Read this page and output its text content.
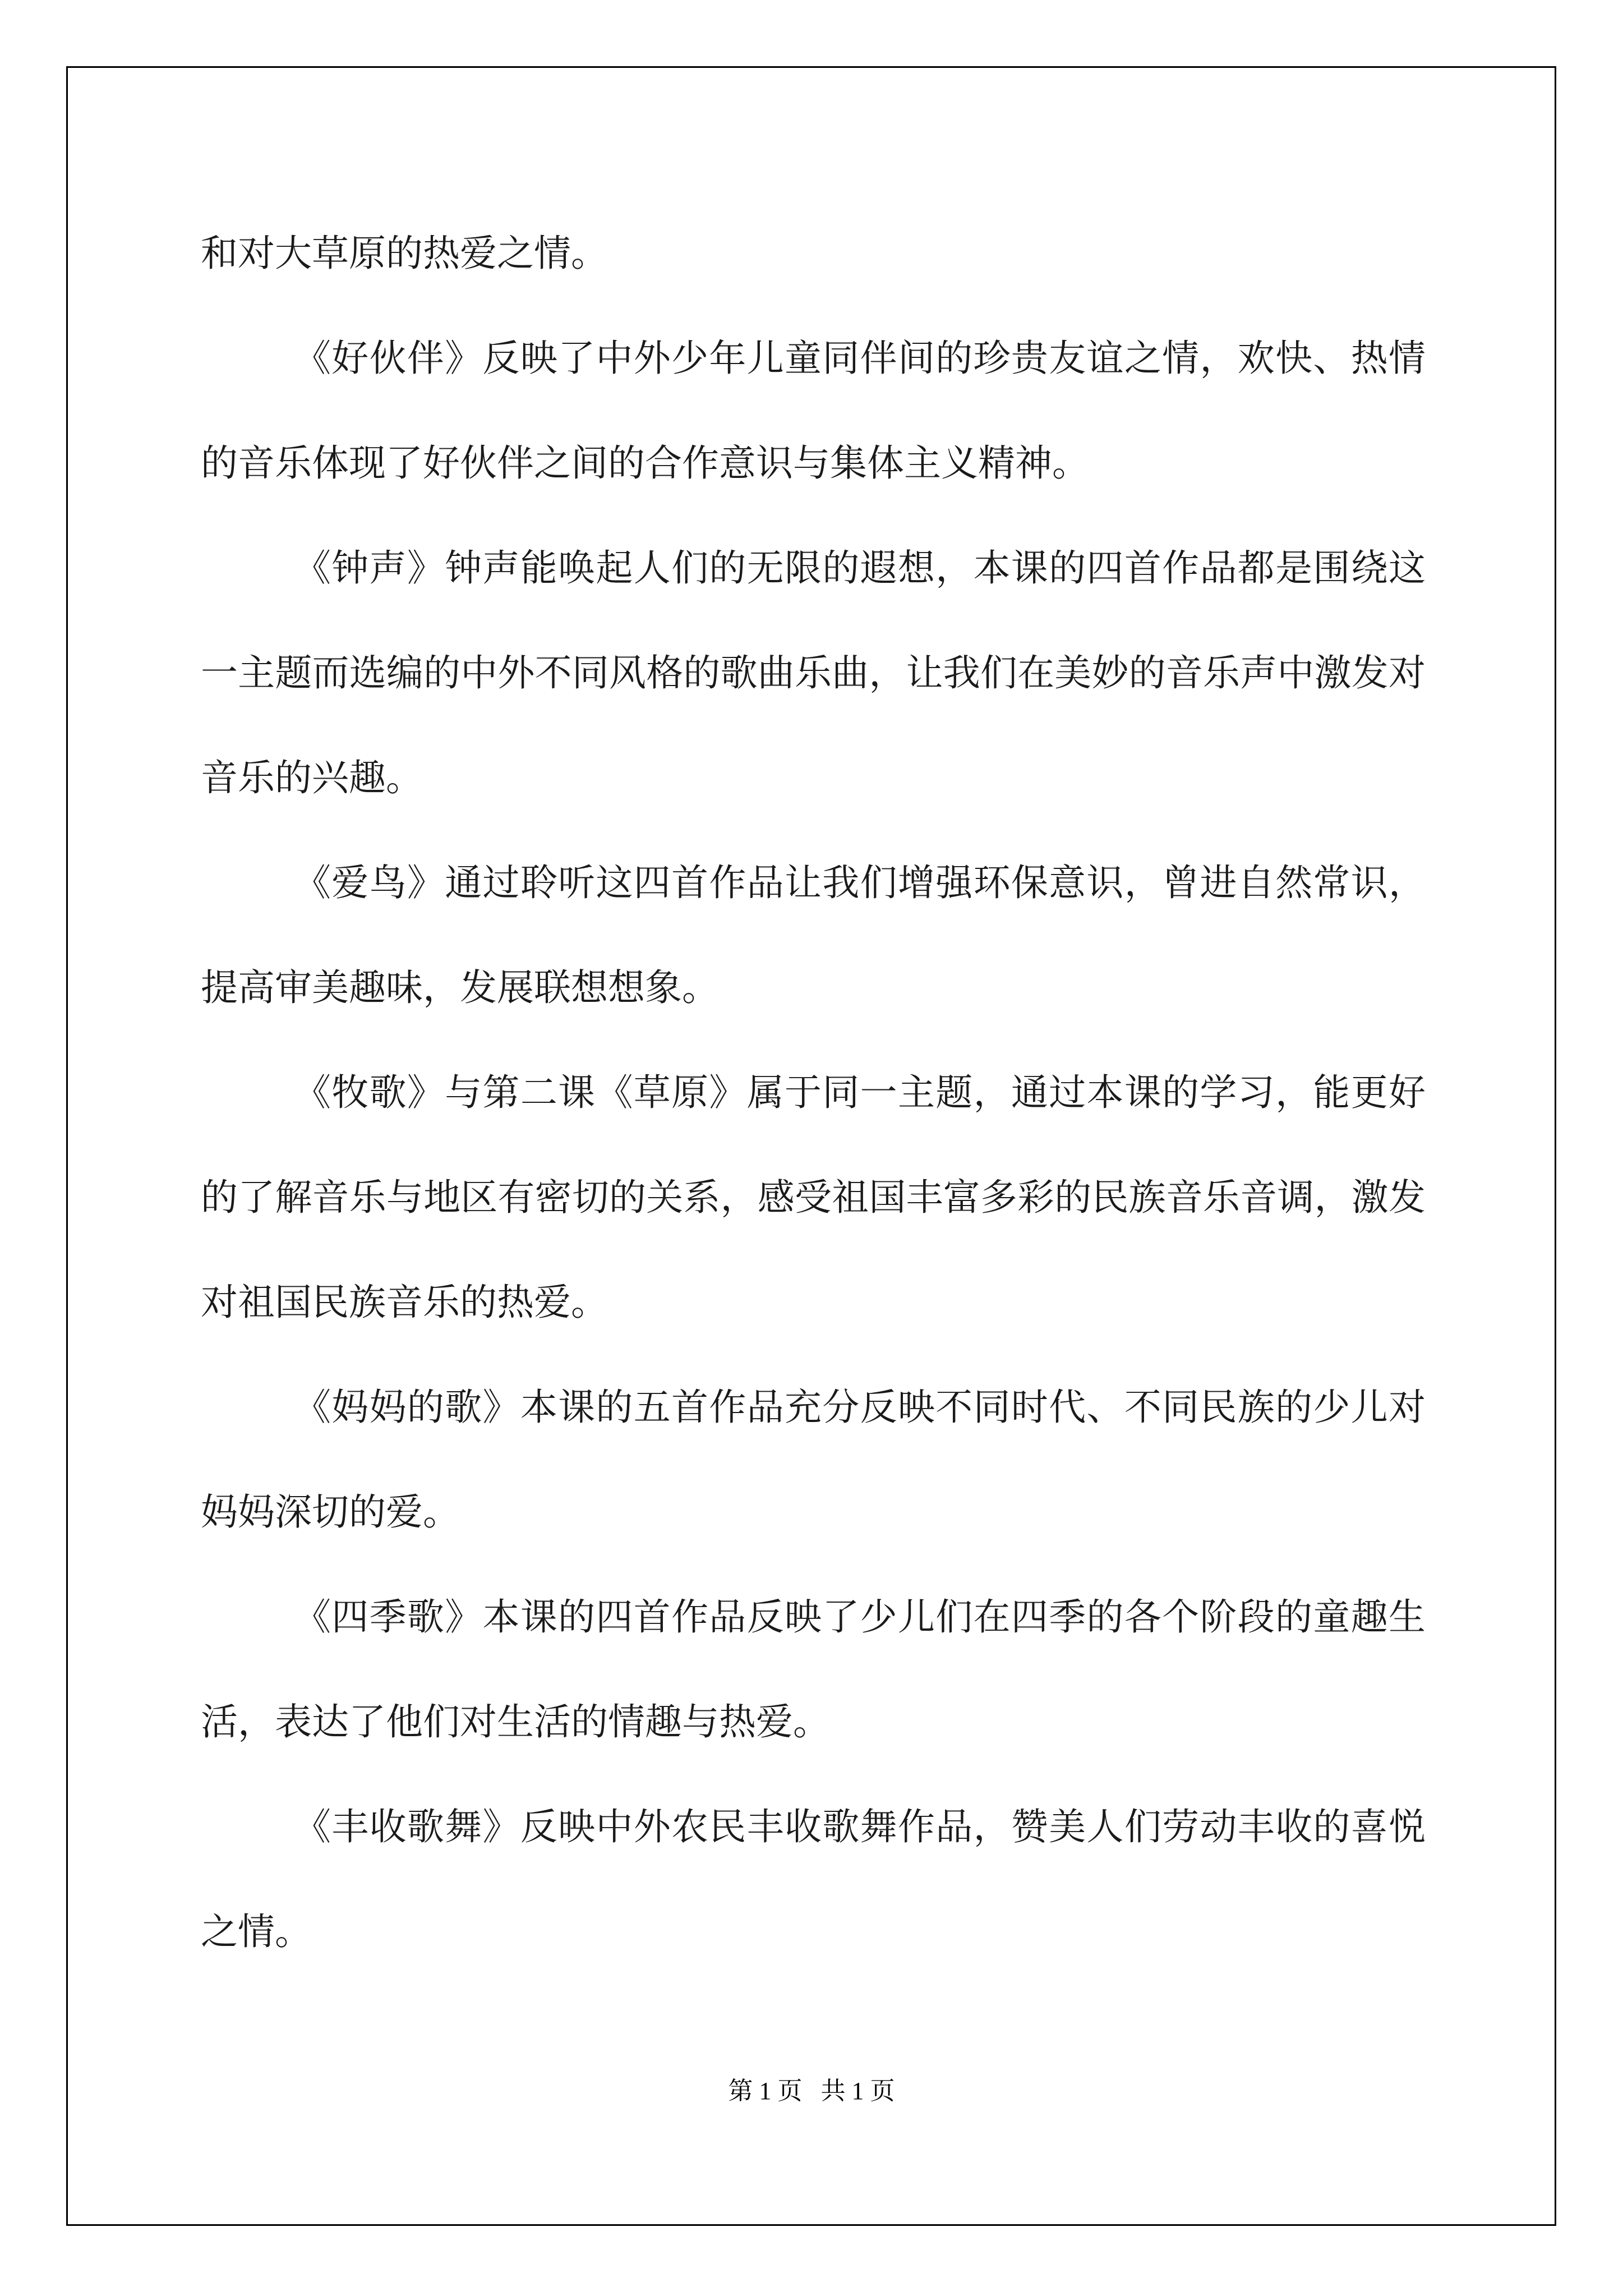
和对大草原的热爱之情。

《好伙伴》反映了中外少年儿童同伴间的珍贵友谊之情，欢快、热情的音乐体现了好伙伴之间的合作意识与集体主义精神。

《钟声》钟声能唤起人们的无限的遐想，本课的四首作品都是围绕这一主题而选编的中外不同风格的歌曲乐曲，让我们在美妙的音乐声中激发对音乐的兴趣。

《爱鸟》通过聆听这四首作品让我们增强环保意识，曾进自然常识，提高审美趣味，发展联想想象。

《牧歌》与第二课《草原》属于同一主题，通过本课的学习，能更好的了解音乐与地区有密切的关系，感受祖国丰富多彩的民族音乐音调，激发对祖国民族音乐的热爱。

《妈妈的歌》本课的五首作品充分反映不同时代、不同民族的少儿对妈妈深切的爱。

《四季歌》本课的四首作品反映了少儿们在四季的各个阶段的童趣生活，表达了他们对生活的情趣与热爱。

《丰收歌舞》反映中外农民丰收歌舞作品，赞美人们劳动丰收的喜悦之情。

第 1 页   共 1 页
